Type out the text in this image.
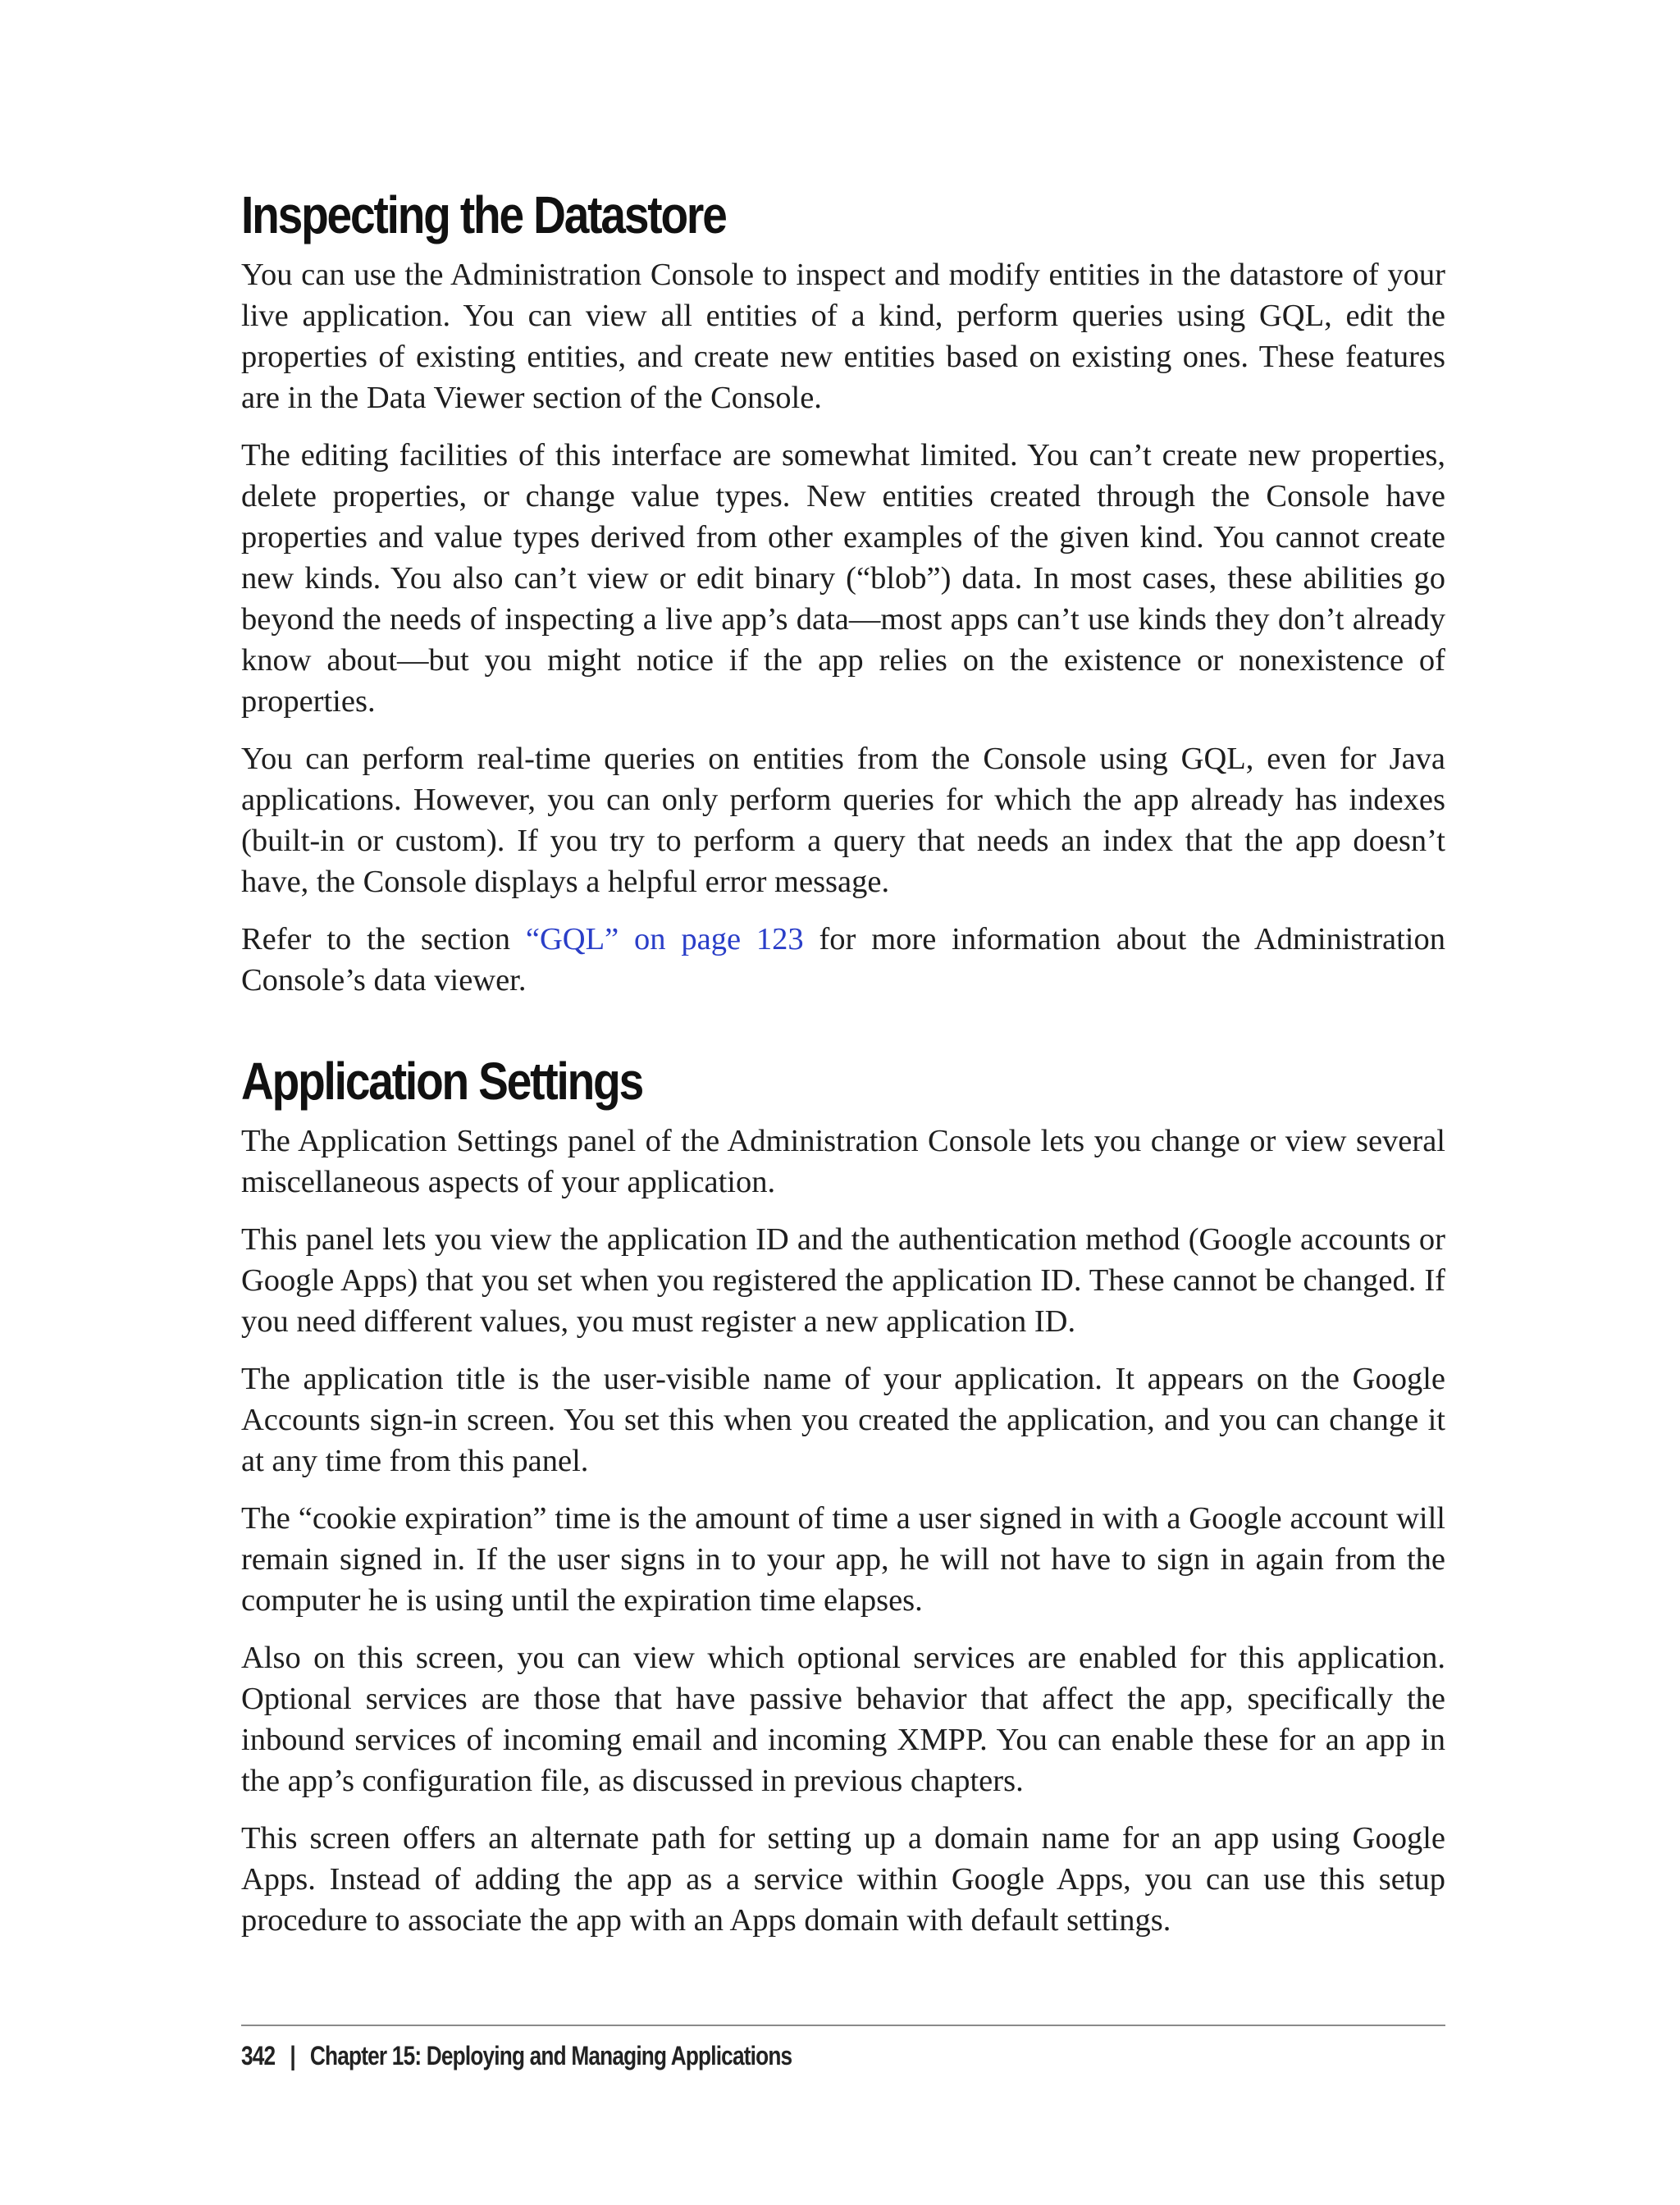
Inspecting the Datastore

You can use the Administration Console to inspect and modify entities in the datastore of your live application. You can view all entities of a kind, perform queries using GQL, edit the properties of existing entities, and create new entities based on existing ones. These features are in the Data Viewer section of the Console.

The editing facilities of this interface are somewhat limited. You can’t create new properties, delete properties, or change value types. New entities created through the Console have properties and value types derived from other examples of the given kind. You cannot create new kinds. You also can’t view or edit binary (“blob”) data. In most cases, these abilities go beyond the needs of inspecting a live app’s data—most apps can’t use kinds they don’t already know about—but you might notice if the app relies on the existence or nonexistence of properties.

You can perform real-time queries on entities from the Console using GQL, even for Java applications. However, you can only perform queries for which the app already has indexes (built-in or custom). If you try to perform a query that needs an index that the app doesn’t have, the Console displays a helpful error message.

Refer to the section “GQL” on page 123 for more information about the Administration Console’s data viewer.

Application Settings

The Application Settings panel of the Administration Console lets you change or view several miscellaneous aspects of your application.

This panel lets you view the application ID and the authentication method (Google accounts or Google Apps) that you set when you registered the application ID. These cannot be changed. If you need different values, you must register a new application ID.

The application title is the user-visible name of your application. It appears on the Google Accounts sign-in screen. You set this when you created the application, and you can change it at any time from this panel.

The “cookie expiration” time is the amount of time a user signed in with a Google account will remain signed in. If the user signs in to your app, he will not have to sign in again from the computer he is using until the expiration time elapses.

Also on this screen, you can view which optional services are enabled for this application. Optional services are those that have passive behavior that affect the app, specifically the inbound services of incoming email and incoming XMPP. You can enable these for an app in the app’s configuration file, as discussed in previous chapters.

This screen offers an alternate path for setting up a domain name for an app using Google Apps. Instead of adding the app as a service within Google Apps, you can use this setup procedure to associate the app with an Apps domain with default settings.

342 | Chapter 15: Deploying and Managing Applications
